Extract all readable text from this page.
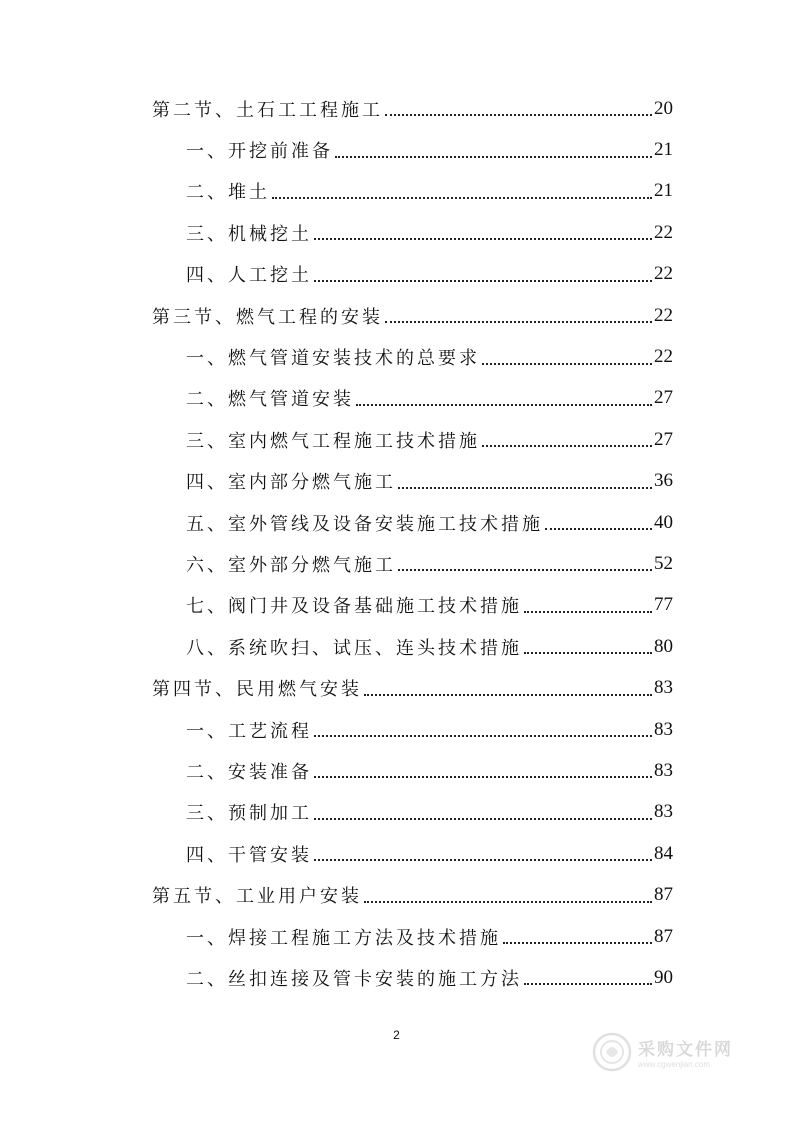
第二节、土石工工程施工	20
一、开挖前准备	21
二、堆土	21
三、机械挖土	22
四、人工挖土	22
第三节、燃气工程的安装	22
一、燃气管道安装技术的总要求	22
二、燃气管道安装	27
三、室内燃气工程施工技术措施	27
四、室内部分燃气施工	36
五、室外管线及设备安装施工技术措施	40
六、室外部分燃气施工	52
七、阀门井及设备基础施工技术措施	77
八、系统吹扫、试压、连头技术措施	80
第四节、民用燃气安装	83
一、工艺流程	83
二、安装准备	83
三、预制加工	83
四、干管安装	84
第五节、工业用户安装	87
一、焊接工程施工方法及技术措施	87
二、丝扣连接及管卡安装的施工方法	90
2
采购文件网
www.cgwenjian.com
